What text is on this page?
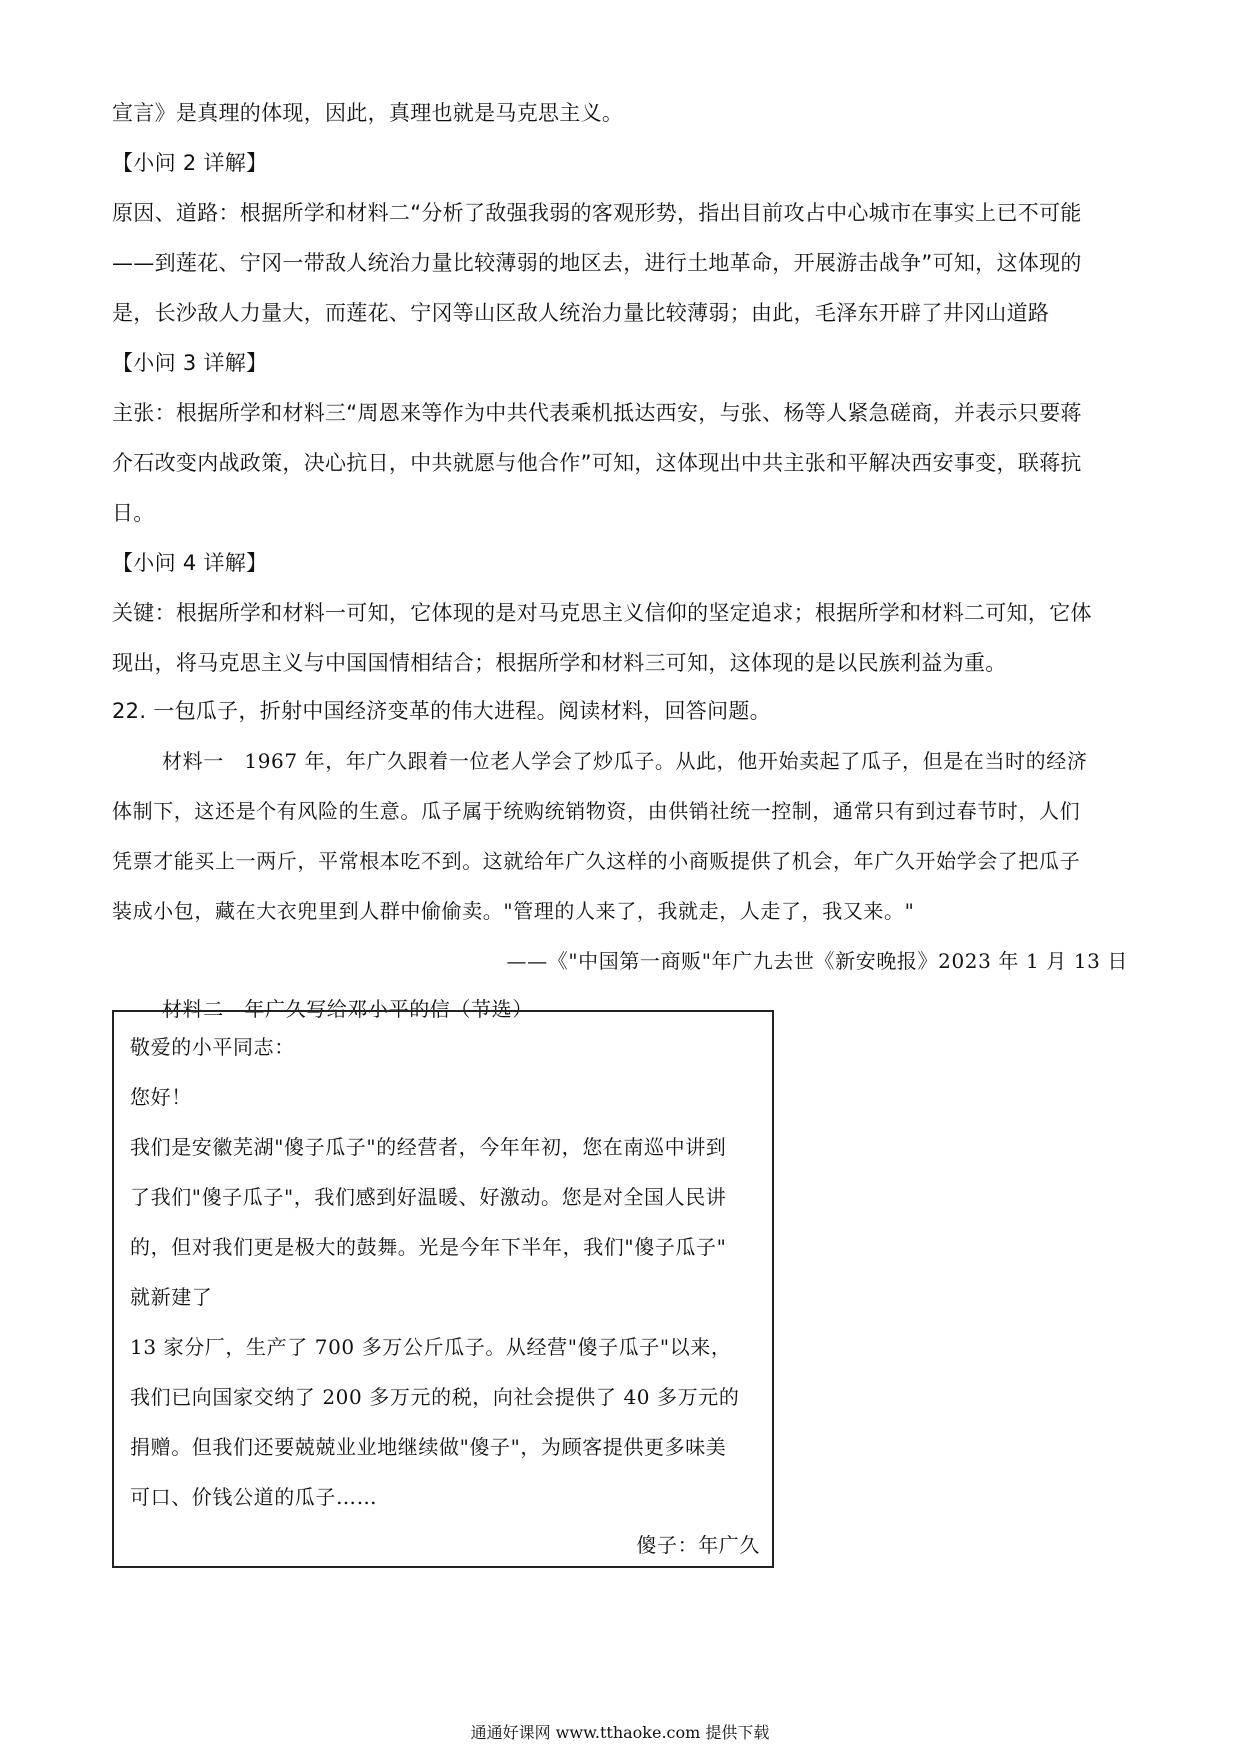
宣言》是真理的体现，因此，真理也就是马克思主义。
【小问 2 详解】
原因、道路：根据所学和材料二“分析了敌强我弱的客观形势，指出目前攻占中心城市在事实上已不可能
——到莲花、宁冈一带敌人统治力量比较薄弱的地区去，进行土地革命，开展游击战争”可知，这体现的
是，长沙敌人力量大，而莲花、宁冈等山区敌人统治力量比较薄弱；由此，毛泽东开辟了井冈山道路
【小问 3 详解】
主张：根据所学和材料三“周恩来等作为中共代表乘机抵达西安，与张、杨等人紧急磋商，并表示只要蒋
介石改变内战政策，决心抗日，中共就愿与他合作”可知，这体现出中共主张和平解决西安事变，联蒋抗
日。
【小问 4 详解】
关键：根据所学和材料一可知，它体现的是对马克思主义信仰的坚定追求；根据所学和材料二可知，它体
现出，将马克思主义与中国国情相结合；根据所学和材料三可知，这体现的是以民族利益为重。
22. 一包瓜子，折射中国经济变革的伟大进程。阅读材料，回答问题。
材料一　1967 年，年广久跟着一位老人学会了炒瓜子。从此，他开始卖起了瓜子，但是在当时的经济
体制下，这还是个有风险的生意。瓜子属于统购统销物资，由供销社统一控制，通常只有到过春节时，人们
凭票才能买上一两斤，平常根本吃不到。这就给年广久这样的小商贩提供了机会，年广久开始学会了把瓜子
装成小包，藏在大衣兜里到人群中偷偷卖。"管理的人来了，我就走，人走了，我又来。"
——《"中国第一商贩"年广九去世《新安晚报》2023 年 1 月 13 日
材料二　年广久写给邓小平的信（节选）
敬爱的小平同志：
您好！
我们是安徽芜湖"傻子瓜子"的经营者，今年年初，您在南巡中讲到
了我们"傻子瓜子"，我们感到好温暖、好激动。您是对全国人民讲
的，但对我们更是极大的鼓舞。光是今年下半年，我们"傻子瓜子"
就新建了
13 家分厂，生产了 700 多万公斤瓜子。从经营"傻子瓜子"以来，
我们已向国家交纳了 200 多万元的税，向社会提供了 40 多万元的
捐赠。但我们还要兢兢业业地继续做"傻子"，为顾客提供更多味美
可口、价钱公道的瓜子……
傻子：年广久
通通好课网 www.tthaoke.com 提供下载
